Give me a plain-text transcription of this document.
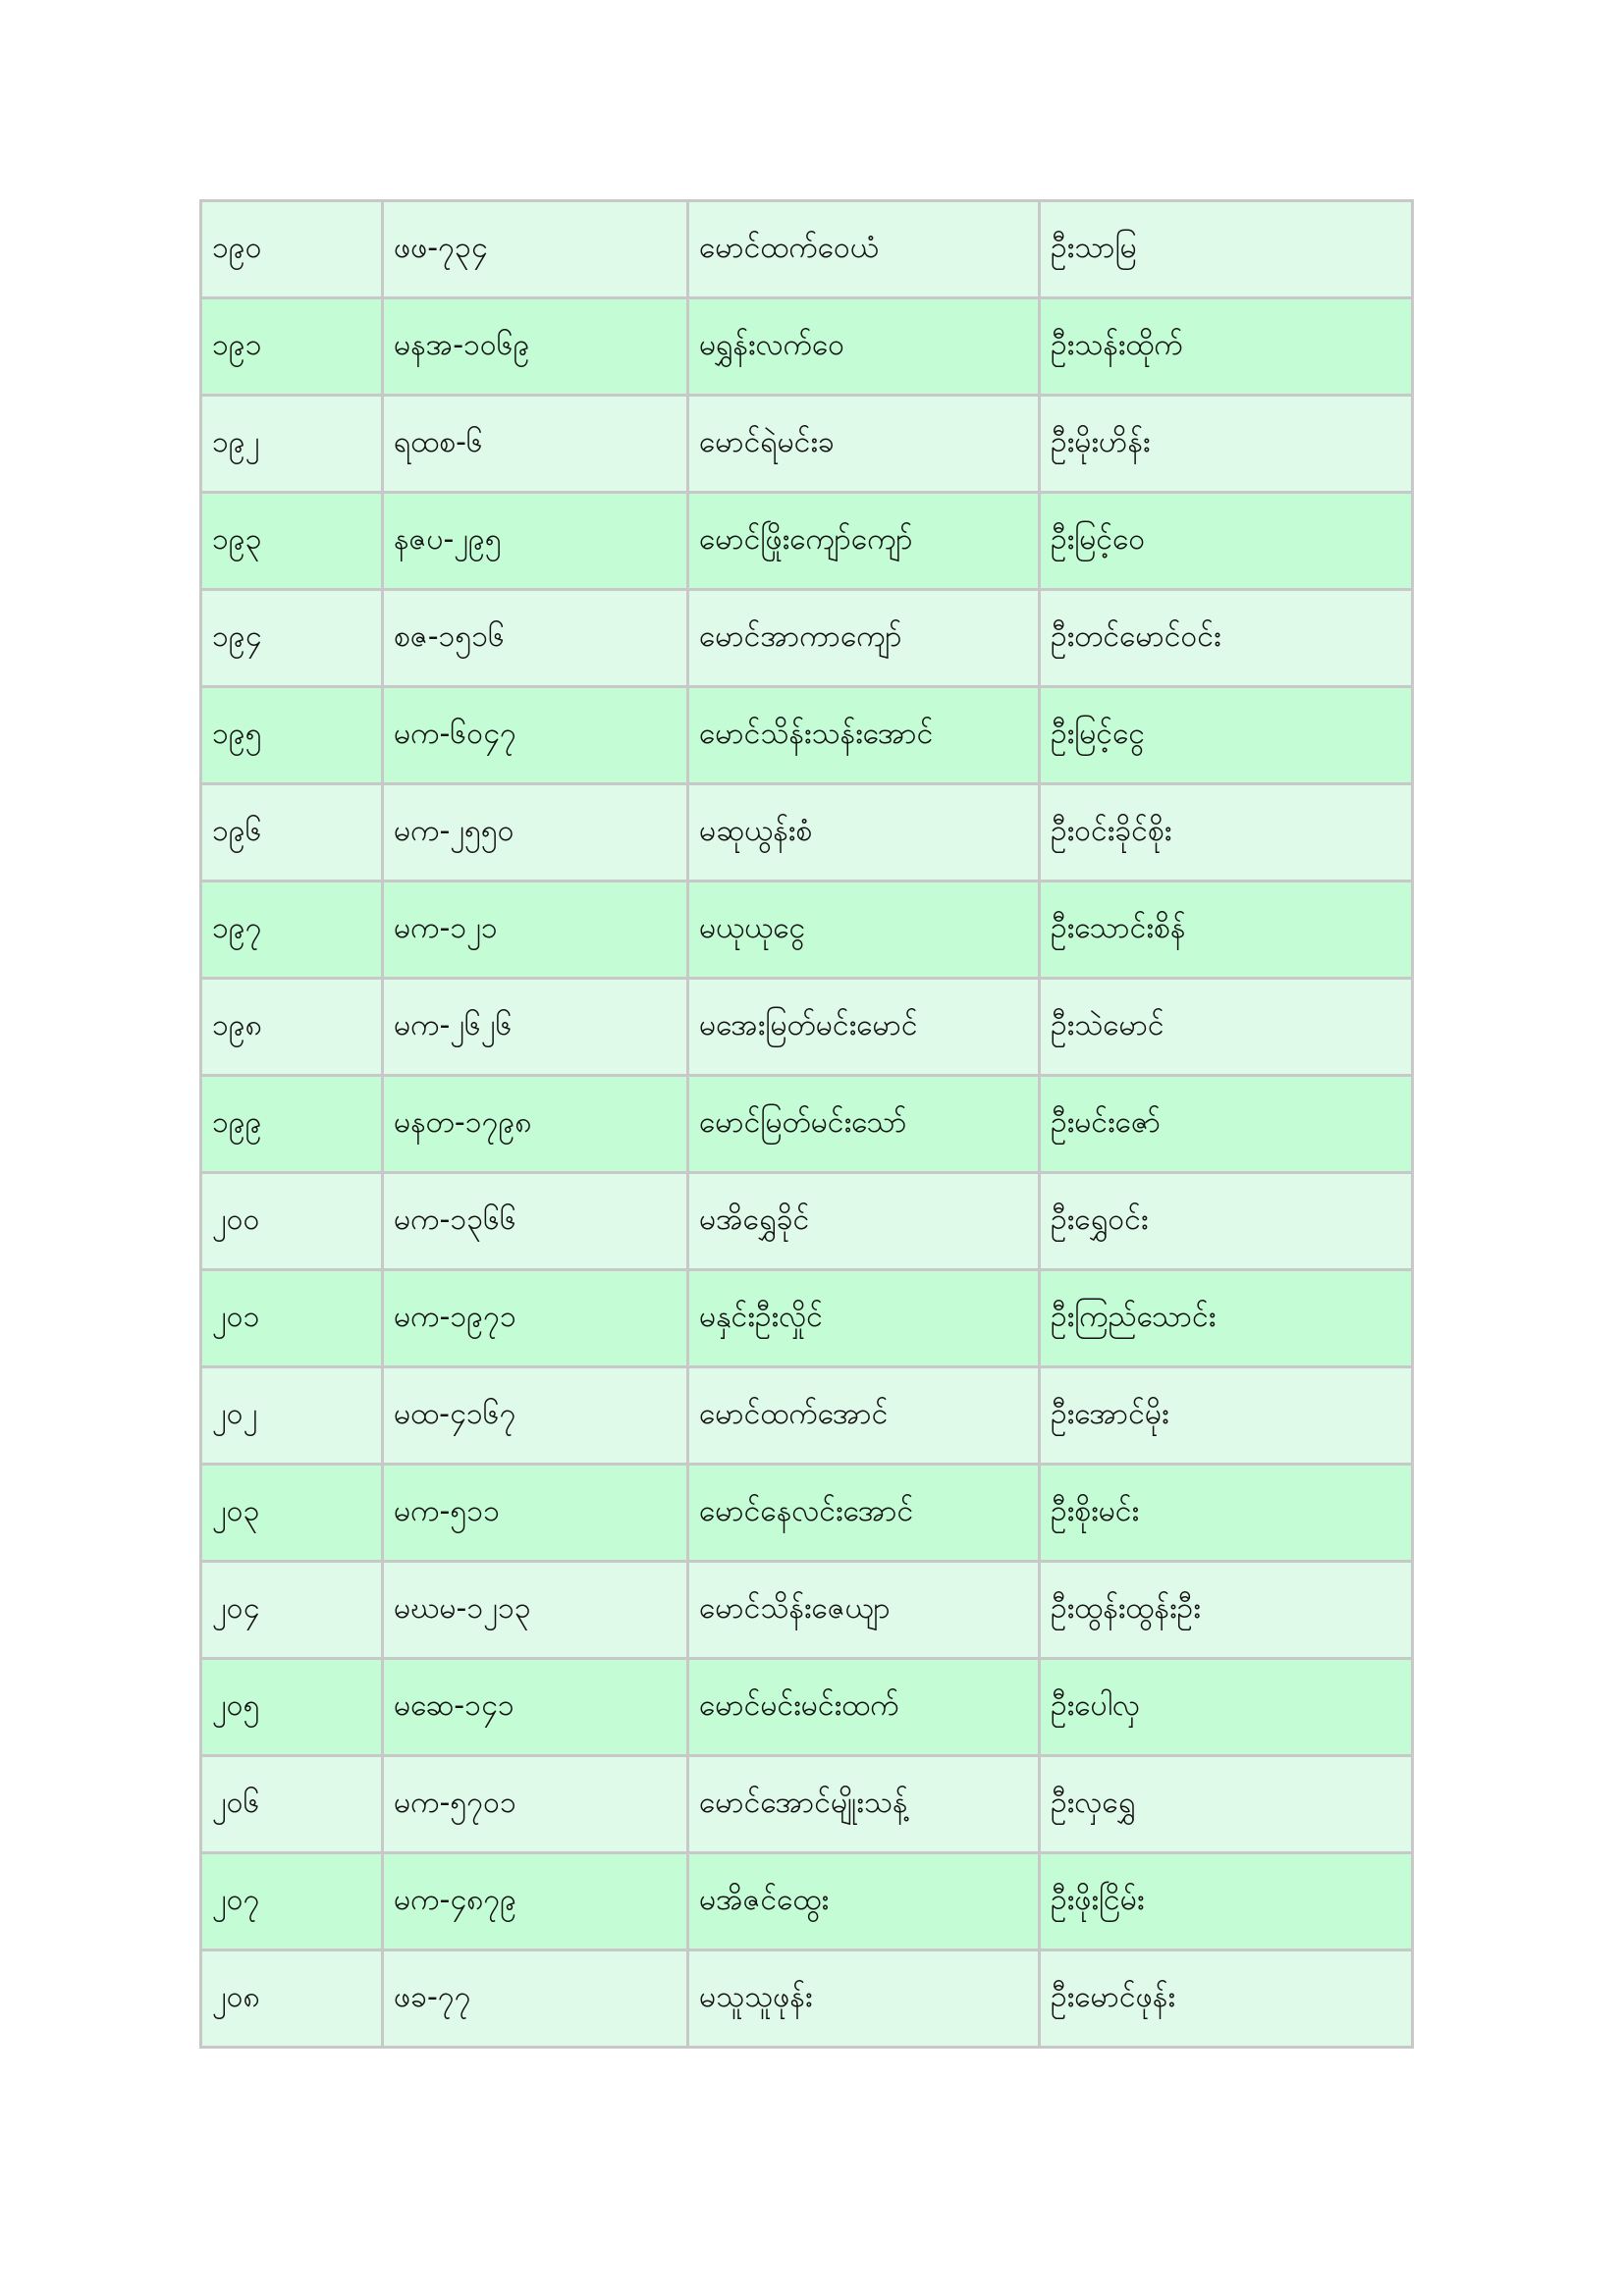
၁၉၀	ဖဖ-၇၃၄	မောင်ထက်ဝေယံ	ဦးသာမြ
၁၉၁	မနအ-၁၀၆၉	မရွှန်းလက်ဝေ	ဦးသန်းထိုက်
၁၉၂	ရထစ-၆	မောင်ရဲမင်းခ	ဦးမိုးဟိန်း
၁၉၃	နဇပ-၂၉၅	မောင်ဖြိုးကျော်ကျော်	ဦးမြင့်ဝေ
၁၉၄	စဇ-၁၅၁၆	မောင်အာကာကျော်	ဦးတင်မောင်ဝင်း
၁၉၅	မက-၆၀၄၇	မောင်သိန်းသန်းအောင်	ဦးမြင့်ငွေ
၁၉၆	မက-၂၅၅၀	မဆုယွန်းစံ	ဦးဝင်းခိုင်စိုး
၁၉၇	မက-၁၂၁	မယုယုငွေ	ဦးသောင်းစိန်
၁၉၈	မက-၂၆၂၆	မအေးမြတ်မင်းမောင်	ဦးသဲမောင်
၁၉၉	မနတ-၁၇၉၈	မောင်မြတ်မင်းသော်	ဦးမင်းဇော်
၂၀၀	မက-၁၃၆၆	မအိရွှေခိုင်	ဦးရွှေဝင်း
၂၀၁	မက-၁၉၇၁	မနှင်းဦးလှိုင်	ဦးကြည်သောင်း
၂၀၂	မထ-၄၁၆၇	မောင်ထက်အောင်	ဦးအောင်မိုး
၂၀၃	မက-၅၁၁	မောင်နေလင်းအောင်	ဦးစိုးမင်း
၂၀၄	မဃမ-၁၂၁၃	မောင်သိန်းဇေယျာ	ဦးထွန်းထွန်းဦး
၂၀၅	မဆေ-၁၄၁	မောင်မင်းမင်းထက်	ဦးပေါလှ
၂၀၆	မက-၅၇၀၁	မောင်အောင်မျိုးသန့်	ဦးလှရွှေ
၂၀၇	မက-၄၈၇၉	မအိဇင်ထွေး	ဦးဖိုးငြိမ်း
၂၀၈	ဖခ-၇၇	မသူသူဖုန်း	ဦးမောင်ဖုန်း
